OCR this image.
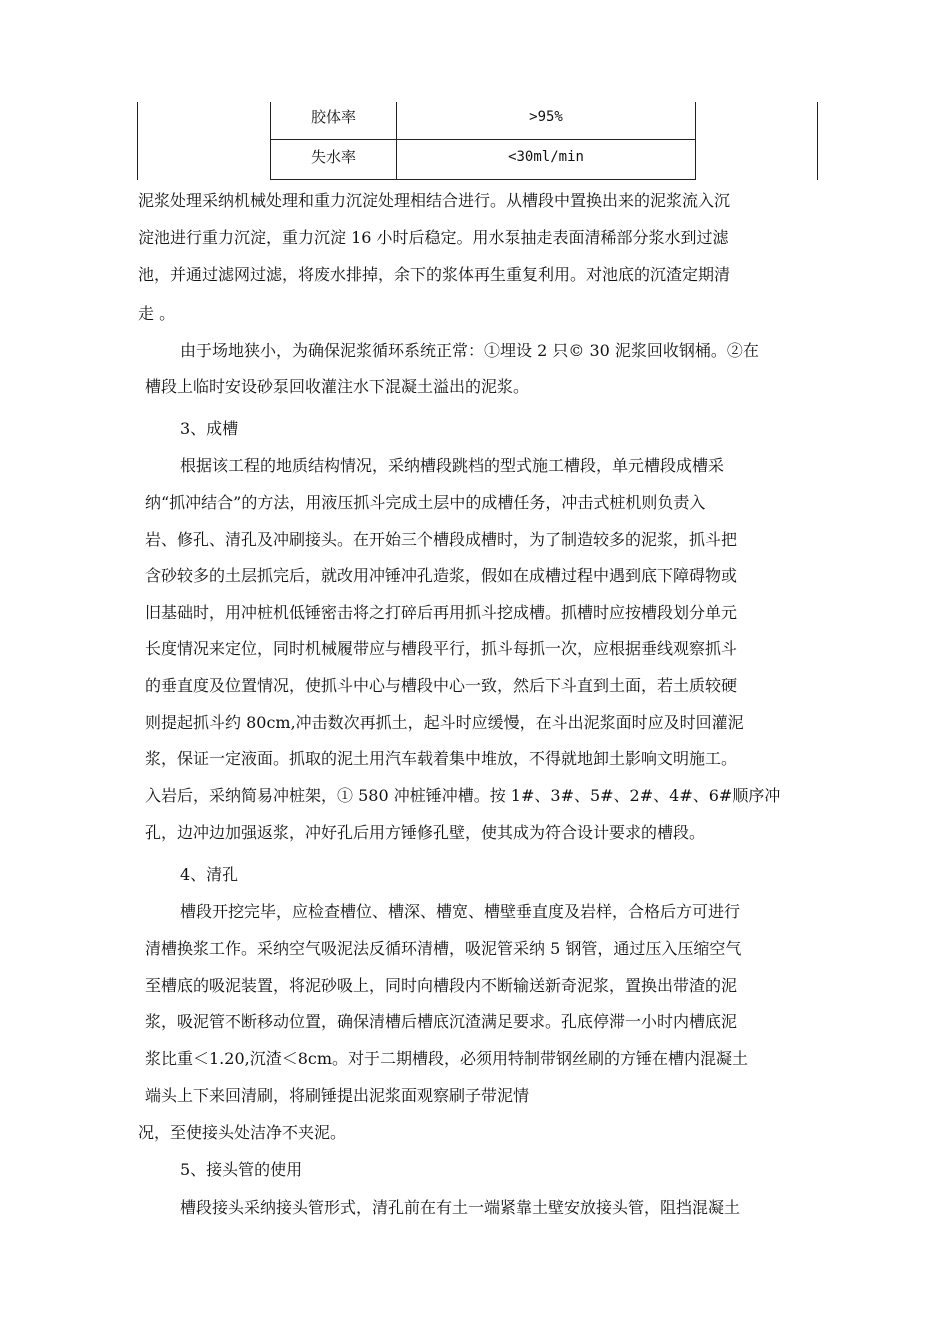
胶体率	>95%
失水率	<30ml/min
泥浆处理采纳机械处理和重力沉淀处理相结合进行。从槽段中置换出来的泥浆流入沉
淀池进行重力沉淀，重力沉淀 16 小时后稳定。用水泵抽走表面清稀部分浆水到过滤
池，并通过滤网过滤，将废水排掉，余下的浆体再生重复利用。对池底的沉渣定期清
走 。
由于场地狭小，为确保泥浆循环系统正常：①埋设 2 只© 30 泥浆回收钢桶。②在
槽段上临时安设砂泵回收灌注水下混凝土溢出的泥浆。
3、成槽
根据该工程的地质结构情况，采纳槽段跳档的型式施工槽段，单元槽段成槽采
纳“抓冲结合”的方法，用液压抓斗完成土层中的成槽任务，冲击式桩机则负责入
岩、修孔、清孔及冲刷接头。在开始三个槽段成槽时，为了制造较多的泥浆，抓斗把
含砂较多的土层抓完后，就改用冲锤冲孔造浆，假如在成槽过程中遇到底下障碍物或
旧基础时，用冲桩机低锤密击将之打碎后再用抓斗挖成槽。抓槽时应按槽段划分单元
长度情况来定位，同时机械履带应与槽段平行，抓斗每抓一次，应根据垂线观察抓斗
的垂直度及位置情况，使抓斗中心与槽段中心一致，然后下斗直到土面，若土质较硬
则提起抓斗约 80cm,冲击数次再抓土，起斗时应缓慢，在斗出泥浆面时应及时回灌泥
浆，保证一定液面。抓取的泥土用汽车载着集中堆放，不得就地卸土影响文明施工。
入岩后，采纳简易冲桩架，① 580 冲桩锤冲槽。按 1#、3#、5#、2#、4#、6#顺序冲
孔，边冲边加强返浆，冲好孔后用方锤修孔壁，使其成为符合设计要求的槽段。
4、清孔
槽段开挖完毕，应检查槽位、槽深、槽宽、槽壁垂直度及岩样，合格后方可进行
清槽换浆工作。采纳空气吸泥法反循环清槽，吸泥管采纳 5 钢管，通过压入压缩空气
至槽底的吸泥装置，将泥砂吸上，同时向槽段内不断输送新奇泥浆，置换出带渣的泥
浆，吸泥管不断移动位置，确保清槽后槽底沉渣满足要求。孔底停滞一小时内槽底泥
浆比重＜1.20,沉渣＜8cm。对于二期槽段，必须用特制带钢丝刷的方锤在槽内混凝土
端头上下来回清刷，将刷锤提出泥浆面观察刷子带泥情
况，至使接头处洁净不夹泥。
5、接头管的使用
槽段接头采纳接头管形式，清孔前在有土一端紧靠土壁安放接头管，阻挡混凝土
